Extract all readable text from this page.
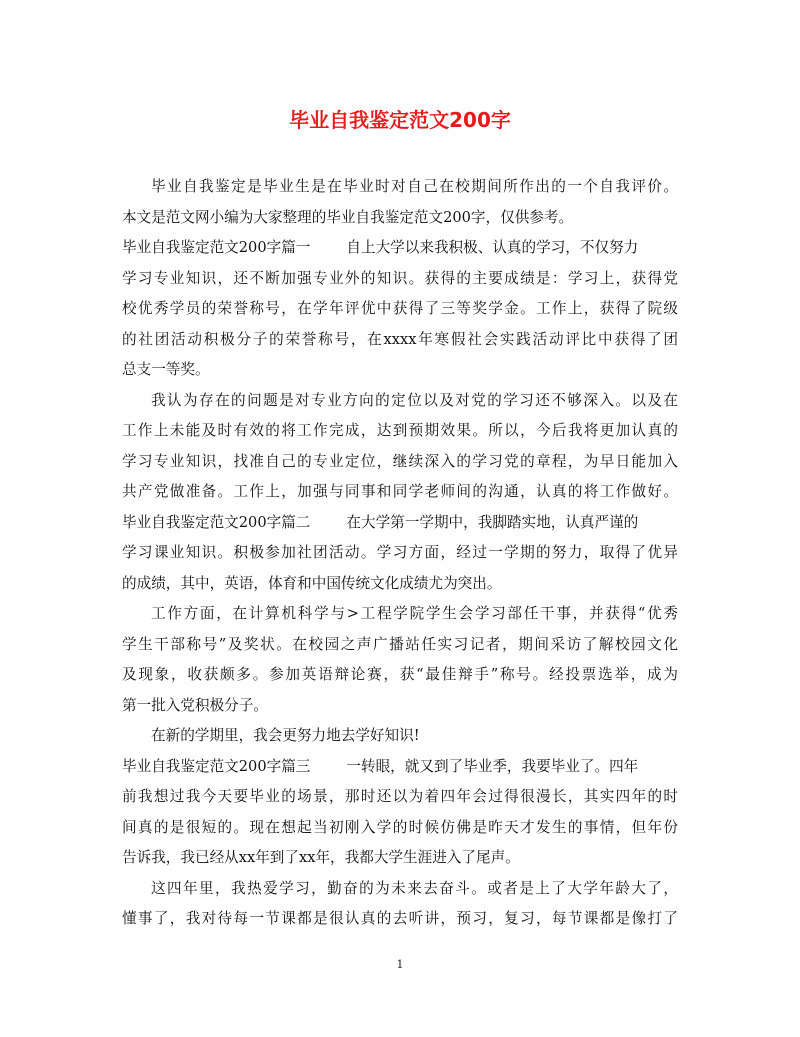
毕业自我鉴定范文200字
毕业自我鉴定是毕业生是在毕业时对自己在校期间所作出的一个自我评价。
本文是范文网小编为大家整理的毕业自我鉴定范文200字，仅供参考。
毕业自我鉴定范文200字篇一 自上大学以来我积极、认真的学习，不仅努力
学习专业知识，还不断加强专业外的知识。获得的主要成绩是：学习上，获得党
校优秀学员的荣誉称号，在学年评优中获得了三等奖学金。工作上，获得了院级
的社团活动积极分子的荣誉称号，在xxxx年寒假社会实践活动评比中获得了团
总支一等奖。
我认为存在的问题是对专业方向的定位以及对党的学习还不够深入。以及在
工作上未能及时有效的将工作完成，达到预期效果。所以，今后我将更加认真的
学习专业知识，找准自己的专业定位，继续深入的学习党的章程，为早日能加入
共产党做准备。工作上，加强与同事和同学老师间的沟通，认真的将工作做好。
毕业自我鉴定范文200字篇二 在大学第一学期中，我脚踏实地，认真严谨的
学习课业知识。积极参加社团活动。学习方面，经过一学期的努力，取得了优异
的成绩，其中，英语，体育和中国传统文化成绩尤为突出。
工作方面，在计算机科学与>工程学院学生会学习部任干事，并获得“优秀
学生干部称号”及奖状。在校园之声广播站任实习记者，期间采访了解校园文化
及现象，收获颇多。参加英语辩论赛，获“最佳辩手”称号。经投票选举，成为
第一批入党积极分子。
在新的学期里，我会更努力地去学好知识!
毕业自我鉴定范文200字篇三 一转眼，就又到了毕业季，我要毕业了。四年
前我想过我今天要毕业的场景，那时还以为着四年会过得很漫长，其实四年的时
间真的是很短的。现在想起当初刚入学的时候仿佛是昨天才发生的事情，但年份
告诉我，我已经从xx年到了xx年，我都大学生涯进入了尾声。
这四年里，我热爱学习，勤奋的为未来去奋斗。或者是上了大学年龄大了，
懂事了，我对待每一节课都是很认真的去听讲，预习，复习，每节课都是像打了
1
